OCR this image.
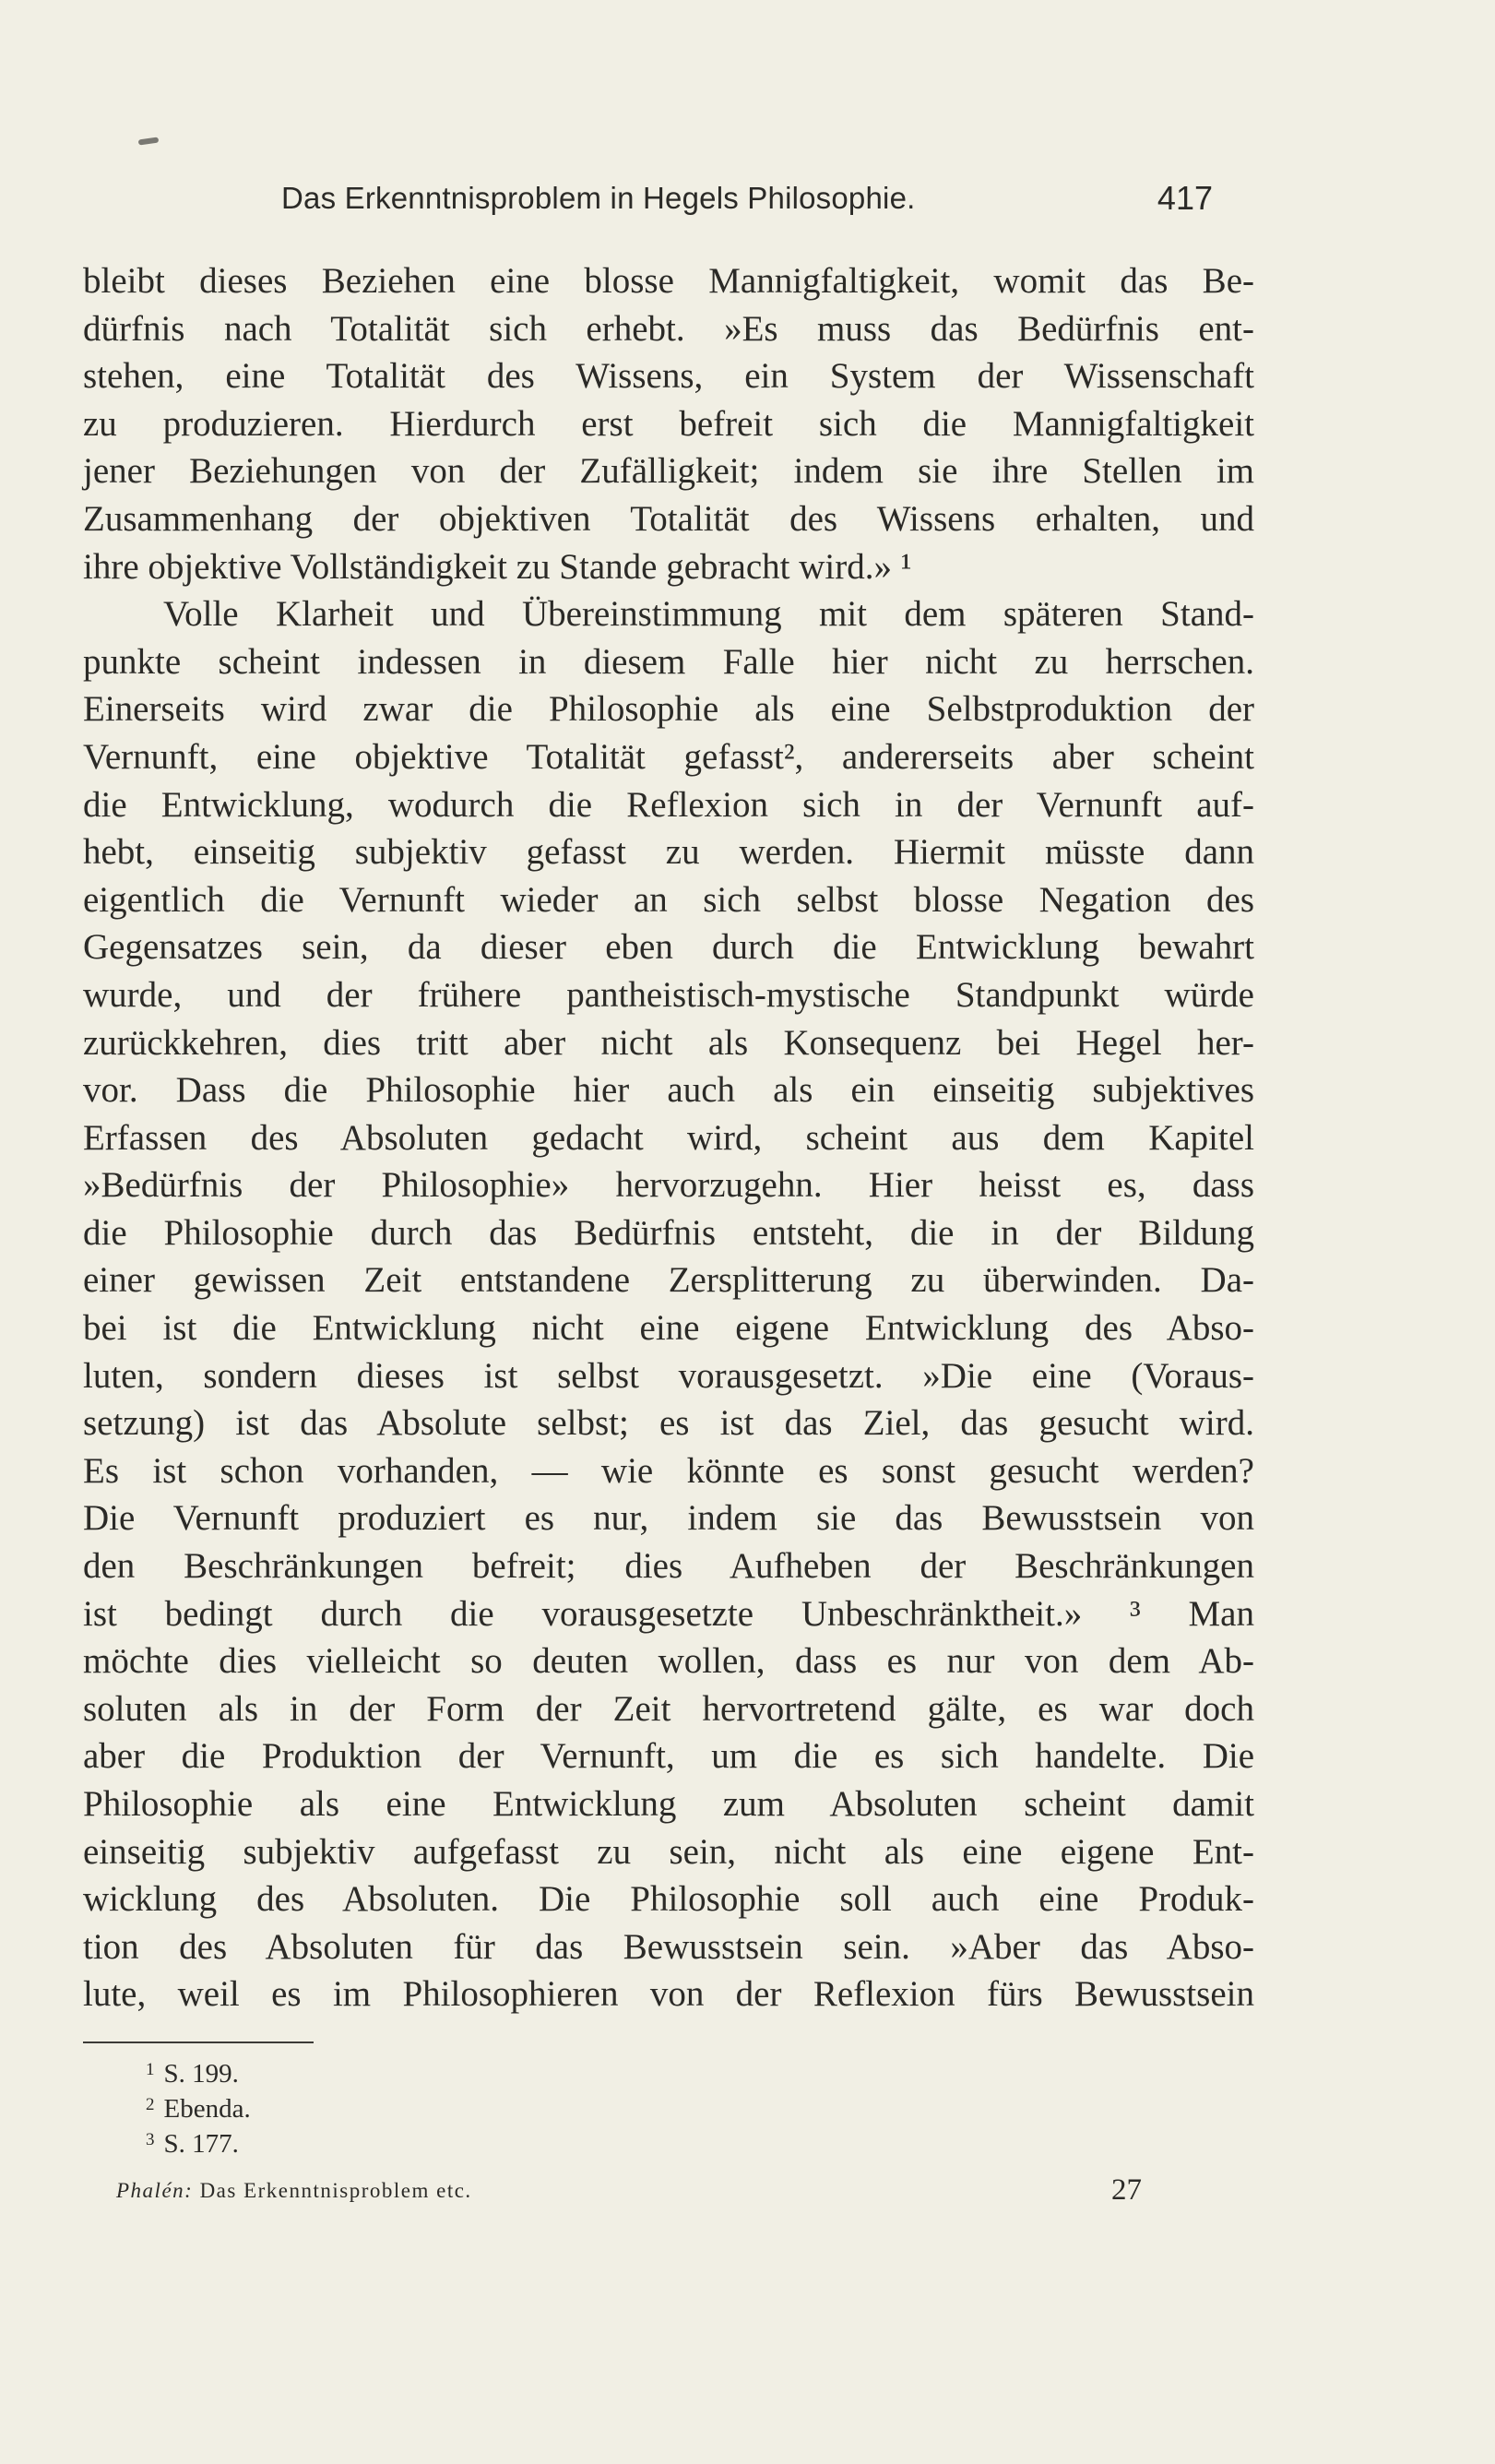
Das Erkenntnisproblem in Hegels Philosophie.	417
bleibt dieses Beziehen eine blosse Mannigfaltigkeit, womit das Be-
dürfnis nach Totalität sich erhebt. »Es muss das Bedürfnis ent-
stehen, eine Totalität des Wissens, ein System der Wissenschaft
zu produzieren. Hierdurch erst befreit sich die Mannigfaltigkeit
jener Beziehungen von der Zufälligkeit; indem sie ihre Stellen im
Zusammenhang der objektiven Totalität des Wissens erhalten, und
ihre objektive Vollständigkeit zu Stande gebracht wird.» ¹
Volle Klarheit und Übereinstimmung mit dem späteren Stand-
punkte scheint indessen in diesem Falle hier nicht zu herrschen.
Einerseits wird zwar die Philosophie als eine Selbstproduktion der
Vernunft, eine objektive Totalität gefasst², andererseits aber scheint
die Entwicklung, wodurch die Reflexion sich in der Vernunft auf-
hebt, einseitig subjektiv gefasst zu werden. Hiermit müsste dann
eigentlich die Vernunft wieder an sich selbst blosse Negation des
Gegensatzes sein, da dieser eben durch die Entwicklung bewahrt
wurde, und der frühere pantheistisch-mystische Standpunkt würde
zurückkehren, dies tritt aber nicht als Konsequenz bei Hegel her-
vor. Dass die Philosophie hier auch als ein einseitig subjektives
Erfassen des Absoluten gedacht wird, scheint aus dem Kapitel
»Bedürfnis der Philosophie» hervorzugehn. Hier heisst es, dass
die Philosophie durch das Bedürfnis entsteht, die in der Bildung
einer gewissen Zeit entstandene Zersplitterung zu überwinden. Da-
bei ist die Entwicklung nicht eine eigene Entwicklung des Abso-
luten, sondern dieses ist selbst vorausgesetzt. »Die eine (Voraus-
setzung) ist das Absolute selbst; es ist das Ziel, das gesucht wird.
Es ist schon vorhanden, — wie könnte es sonst gesucht werden?
Die Vernunft produziert es nur, indem sie das Bewusstsein von
den Beschränkungen befreit; dies Aufheben der Beschränkungen
ist bedingt durch die vorausgesetzte Unbeschränktheit.» ³ Man
möchte dies vielleicht so deuten wollen, dass es nur von dem Ab-
soluten als in der Form der Zeit hervortretend gälte, es war doch
aber die Produktion der Vernunft, um die es sich handelte. Die
Philosophie als eine Entwicklung zum Absoluten scheint damit
einseitig subjektiv aufgefasst zu sein, nicht als eine eigene Ent-
wicklung des Absoluten. Die Philosophie soll auch eine Produk-
tion des Absoluten für das Bewusstsein sein. »Aber das Abso-
lute, weil es im Philosophieren von der Reflexion fürs Bewusstsein
$^1$ S. 199.
$^2$ Ebenda.
$^3$ S. 177.
Phalén: Das Erkenntnisproblem etc.	27
